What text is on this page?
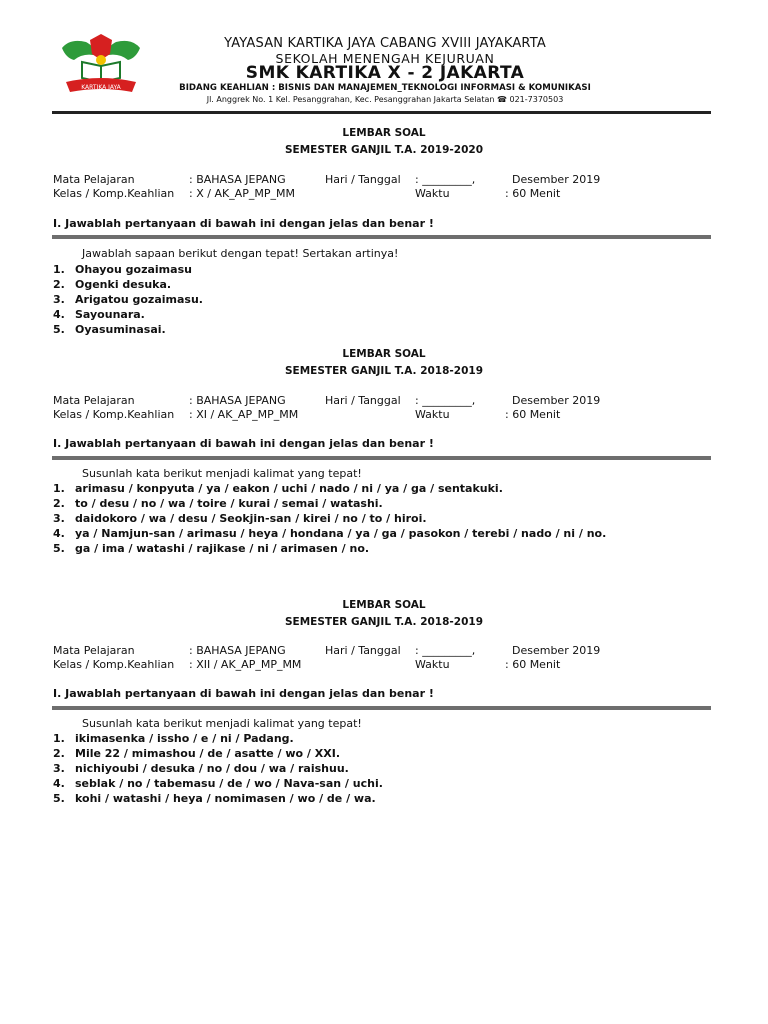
KARTIKA JAYA
YAYASAN KARTIKA JAYA CABANG XVIII JAYAKARTA
SEKOLAH MENENGAH KEJURUAN
SMK KARTIKA X - 2 JAKARTA
BIDANG KEAHLIAN : BISNIS DAN MANAJEMEN_TEKNOLOGI INFORMASI & KOMUNIKASI
Jl. Anggrek No. 1 Kel. Pesanggrahan, Kec. Pesanggrahan Jakarta Selatan ☎ 021-7370503
LEMBAR SOAL
SEMESTER GANJIL T.A. 2019-2020
Mata Pelajaran	: BAHASA JEPANG	Hari / Tanggal : _________,	Desember 2019
Kelas / Komp.Keahlian : X / AK_AP_MP_MM	Waktu	: 60 Menit
I. Jawablah pertanyaan di bawah ini dengan jelas dan benar !
Jawablah sapaan berikut dengan tepat! Sertakan artinya!
1. Ohayou gozaimasu
2. Ogenki desuka.
3. Arigatou gozaimasu.
4. Sayounara.
5. Oyasuminasai.
LEMBAR SOAL
SEMESTER GANJIL T.A. 2018-2019
Mata Pelajaran	: BAHASA JEPANG	Hari / Tanggal : _________,	Desember 2019
Kelas / Komp.Keahlian : XI / AK_AP_MP_MM	Waktu	: 60 Menit
I. Jawablah pertanyaan di bawah ini dengan jelas dan benar !
Susunlah kata berikut menjadi kalimat yang tepat!
1. arimasu / konpyuta / ya / eakon / uchi / nado / ni / ya / ga / sentakuki.
2. to / desu / no / wa / toire / kurai / semai / watashi.
3. daidokoro / wa / desu / Seokjin-san / kirei / no / to / hiroi.
4. ya / Namjun-san / arimasu / heya / hondana / ya / ga / pasokon / terebi / nado / ni / no.
5. ga / ima / watashi / rajikase / ni / arimasen / no.
LEMBAR SOAL
SEMESTER GANJIL T.A. 2018-2019
Mata Pelajaran	: BAHASA JEPANG	Hari / Tanggal : _________,	Desember 2019
Kelas / Komp.Keahlian : XII / AK_AP_MP_MM	Waktu	: 60 Menit
I. Jawablah pertanyaan di bawah ini dengan jelas dan benar !
Susunlah kata berikut menjadi kalimat yang tepat!
1. ikimasenka / issho / e / ni / Padang.
2. Mile 22 / mimashou / de / asatte / wo / XXI.
3. nichiyoubi / desuka / no / dou / wa / raishuu.
4. seblak / no / tabemasu / de / wo / Nava-san / uchi.
5. kohi / watashi / heya / nomimasen / wo / de / wa.
